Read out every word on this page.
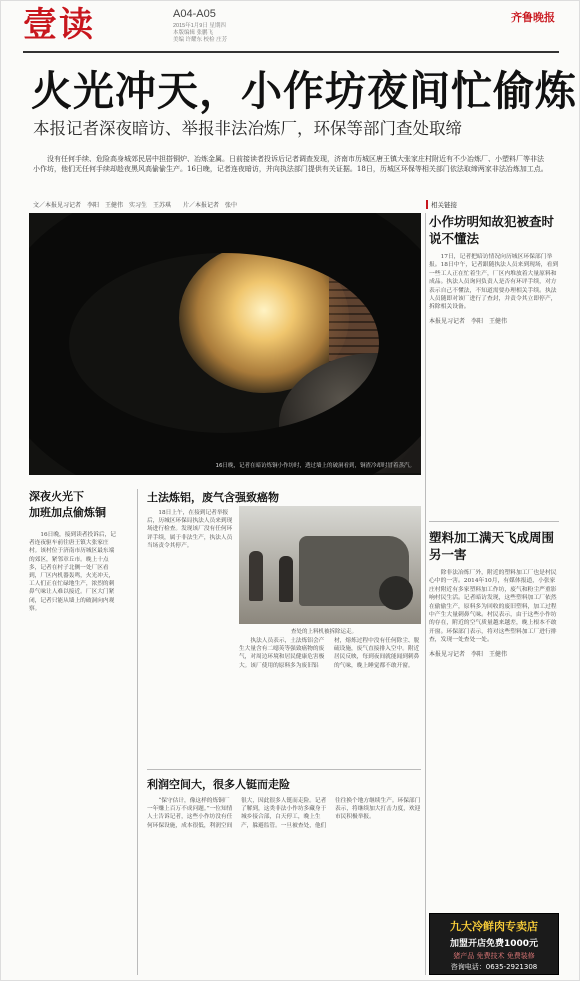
壹读	A04-A05
2015年1月9日 星期四
本版编辑 张鹏飞
美编 许耀东 校检 庄芳
齐鲁晚报
火光冲天，小作坊夜间忙偷炼
本报记者深夜暗访、举报非法冶炼厂，环保等部门查处取缔
没有任何手续、危险高身城郊民居中担搭铜炉、冶炼金属。日前接读者投诉后记者调查发现，济南市历城区唐王镇大张家庄村附近有不少冶炼厂、小塑料厂等非法小作坊，他们无任何手续却趁夜黑风高偷偷生产。16日晚，记者连夜暗访，并向执法部门提供有关证据。18日，历城区环保等相关部门依法取缔两家非法冶炼加工点。
文／本报见习记者　李阳　王健伟　实习生　王苏琪　　片／本报记者　张中	相关链接
16日晚，记者在暗访炼铜小作坊时，透过墙上的破洞看到，铜渣冷却时冒着蒸汽。
小作坊明知故犯被查时说不懂法
17日，记者把暗访情况向历城区环保部门举报。18日中午，记者跟随执法人员来到现场，看到一些工人正在忙着生产，厂区内堆放着大量原料和成品。执法人员询问负责人是否有环评手续，对方表示自己不懂法，不知道需要办理相关手续。执法人员随即对该厂进行了查封，并责令其立即停产，拆除相关设备。
本报见习记者　李阳　王健伟
塑料加工满天飞成周围另一害
除非法冶炼厂外，附近的塑料加工厂也是村民心中的一害。2014年10月，有媒体报道，小张家庄村附近有多家塑料加工作坊，废气和粉尘严重影响村民生活。记者暗访发现，这些塑料加工厂依然在偷偷生产，原料多为回收的废旧塑料，加工过程中产生大量刺鼻气味。村民表示，由于这些小作坊的存在，附近的空气质量越来越差，晚上根本不敢开窗。环保部门表示，将对这些塑料加工厂进行排查，发现一处查处一处。
本报见习记者　李阳　王健伟
深夜火光下
加班加点偷炼铜
16日晚，接到读者投诉后，记者连夜驱车前往唐王镇大张家庄村。该村位于济南市历城区最东端的郊区，紧邻章丘市。晚上十点多，记者在村子北侧一处厂区看到，厂区内机器轰鸣，火光冲天，工人们正在忙碌地生产，浓烈的刺鼻气味让人难以接近。厂区大门紧闭，记者只能从墙上的破洞向内观察。
土法炼铝，废气含强致癌物
18日上午，在接到记者举报后，历城区环保局执法人员来到现场进行检查。发现该厂没有任何环评手续，属于非法生产，执法人员当场责令其停产。
查处的上料机被拆除运走。
执法人员表示，土法炼铝会产生大量含有二噁英等强致癌物的废气，对周边环境和居民健康危害极大。该厂使用的原料多为废旧铝材，熔炼过程中没有任何除尘、脱硫设施，废气直接排入空中。附近居民反映，每到夜间就能闻到刺鼻的气味，晚上睡觉都不敢开窗。
利润空间大，很多人铤而走险
“保守估计，像这样的炼铜厂一年赚上百万不成问题。”一位知情人士告诉记者，这些小作坊没有任何环保设施，成本很低，利润空间很大，因此很多人铤而走险。记者了解到，这类非法小作坊多藏身于城乡接合部，白天停工，晚上生产，躲避监管。一旦被查处，他们往往换个地方继续生产。环保部门表示，将继续加大打击力度，欢迎市民积极举报。
九大冷鲜肉专卖店
加盟开店免费1000元
猪产品 免费技术 免费装修
咨询电话：0635-2921308
